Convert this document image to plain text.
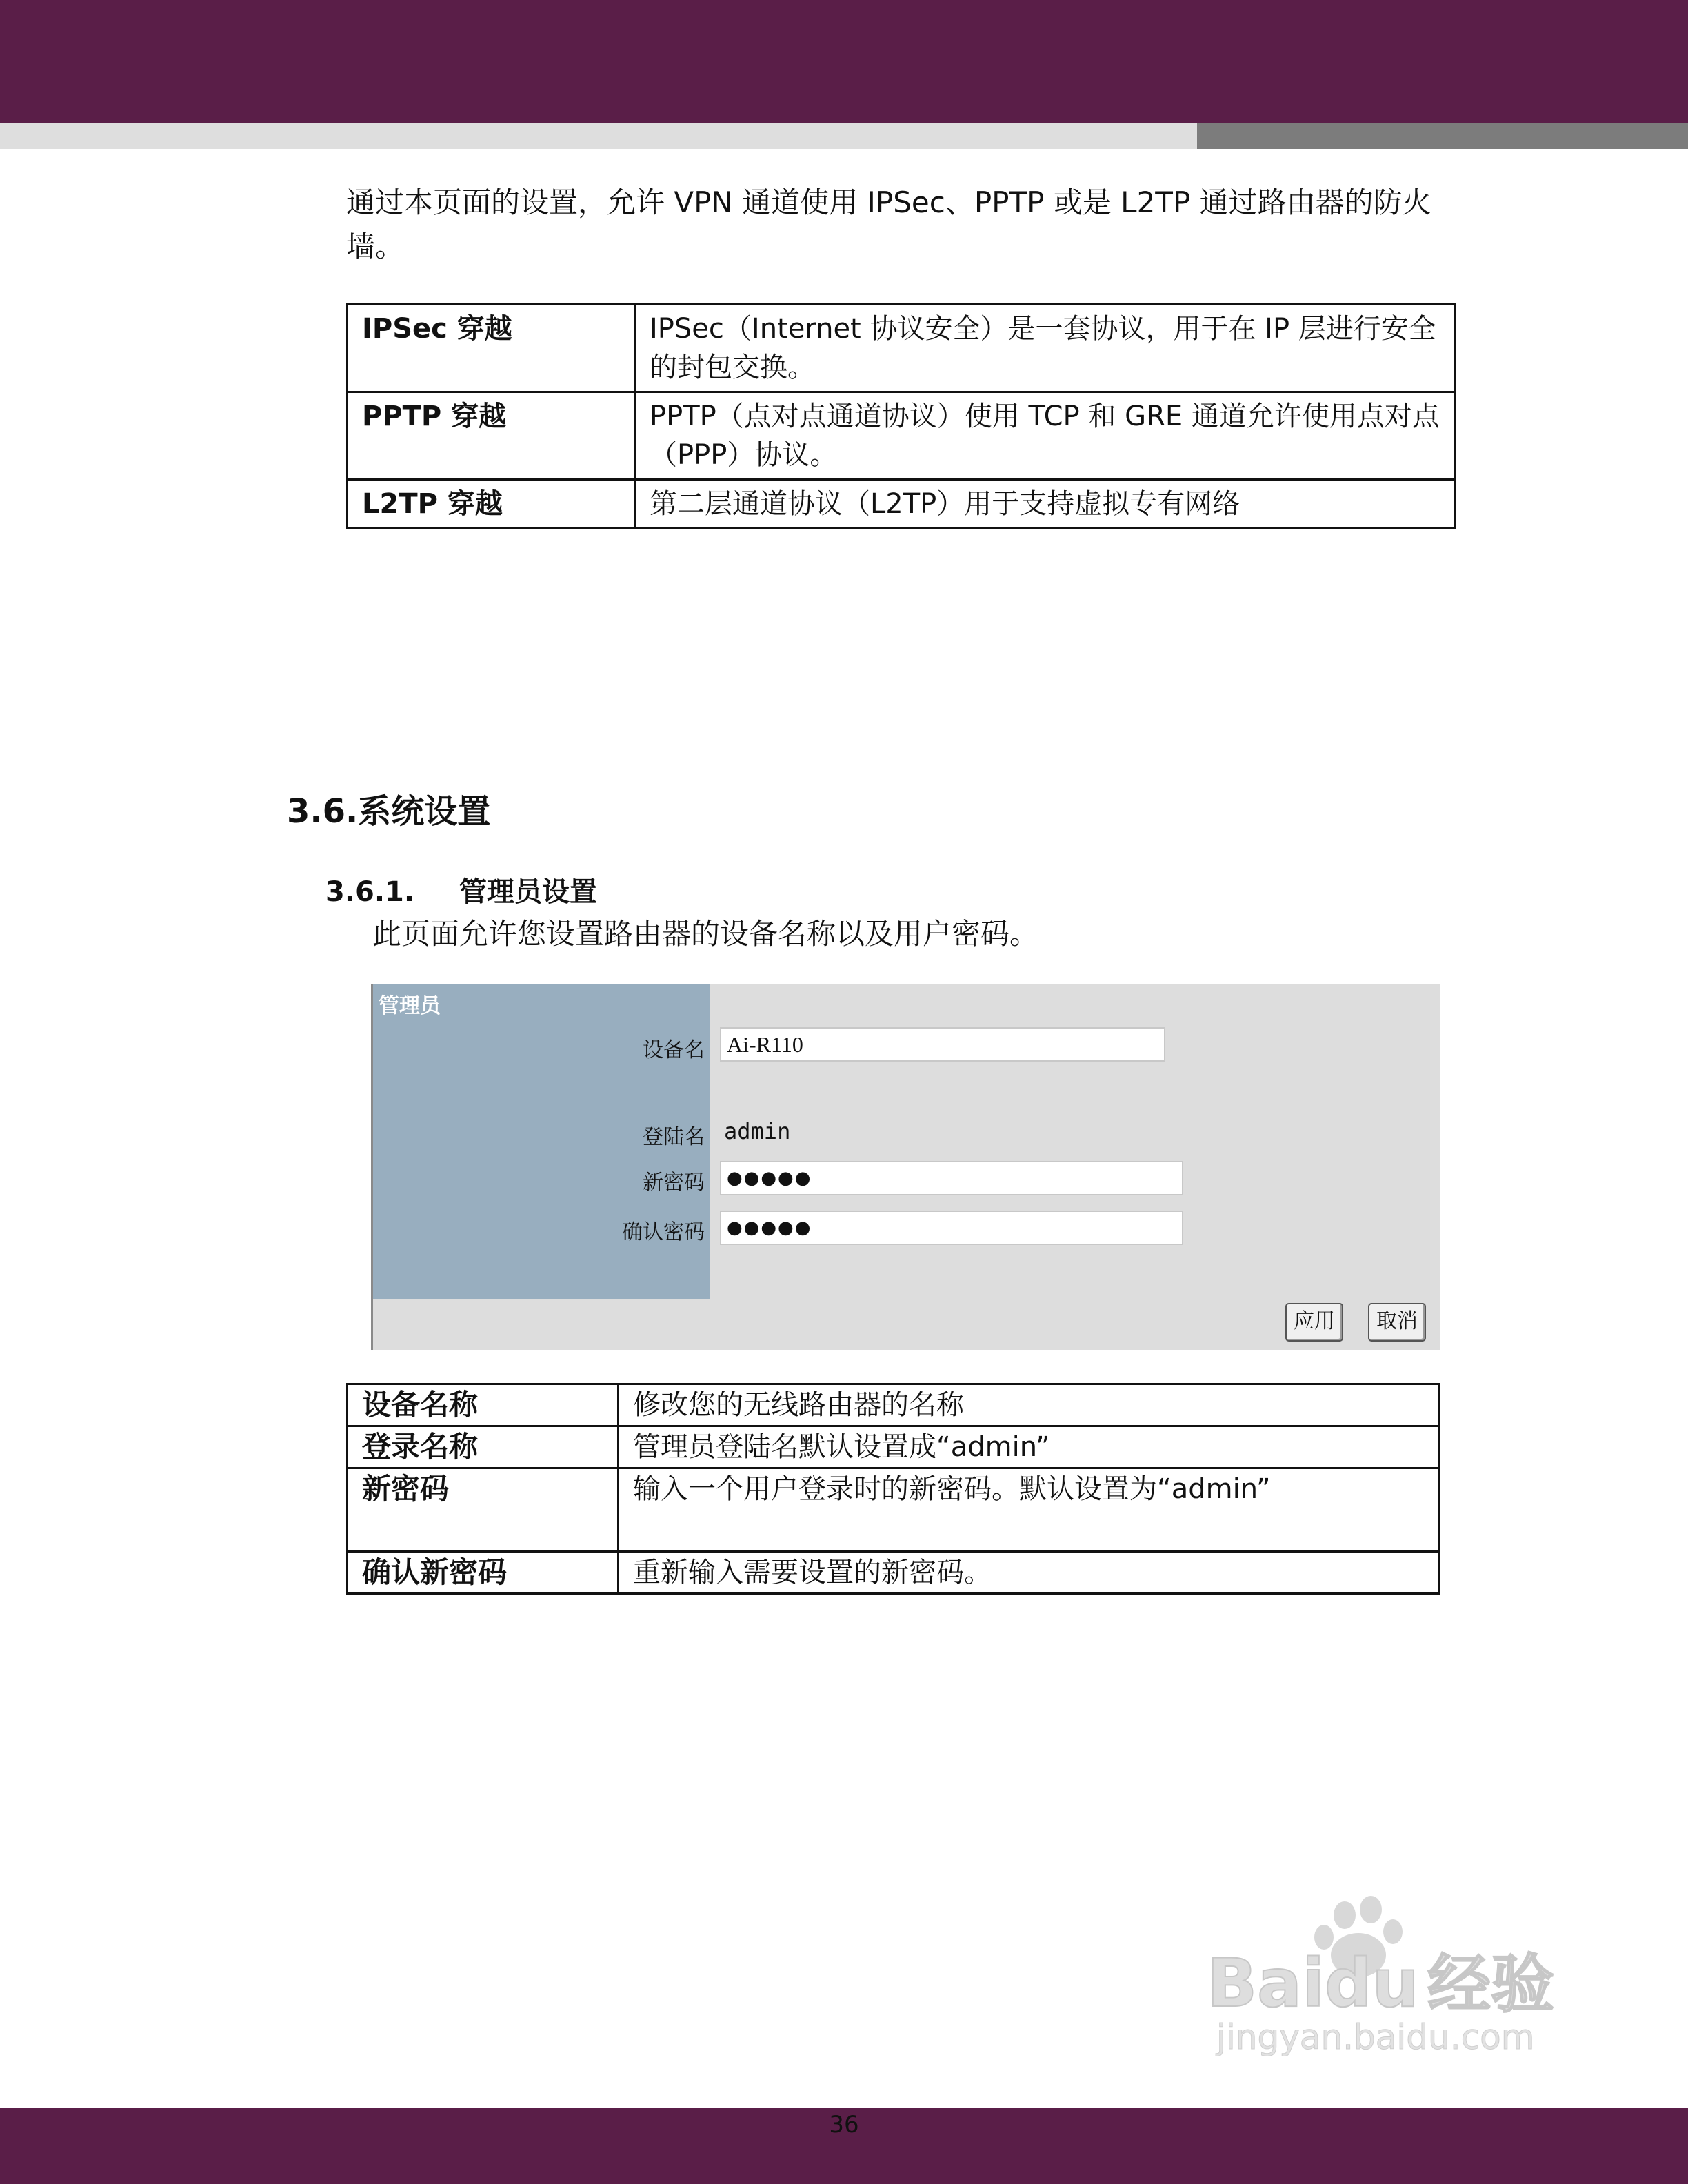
通过本页面的设置，允许 VPN 通道使用 IPSec、PPTP 或是 L2TP 通过路由器的防火墙。
IPSec 穿越	IPSec（Internet 协议安全）是一套协议，用于在 IP 层进行安全的封包交换。
PPTP 穿越	PPTP（点对点通道协议）使用 TCP 和 GRE 通道允许使用点对点（PPP）协议。
L2TP 穿越	第二层通道协议（L2TP）用于支持虚拟专有网络
3.6.系统设置
3.6.1. 管理员设置
此页面允许您设置路由器的设备名称以及用户密码。
管理员
设备名	Ai-R110
登陆名 admin
新密码	●●●●●
确认密码	●●●●●
应用	取消
设备名称	修改您的无线路由器的名称
登录名称	管理员登陆名默认设置成“admin”
新密码	输入一个用户登录时的新密码。默认设置为“admin”
确认新密码	重新输入需要设置的新密码。
Baidu 经验
jingyan.baidu.com
36
